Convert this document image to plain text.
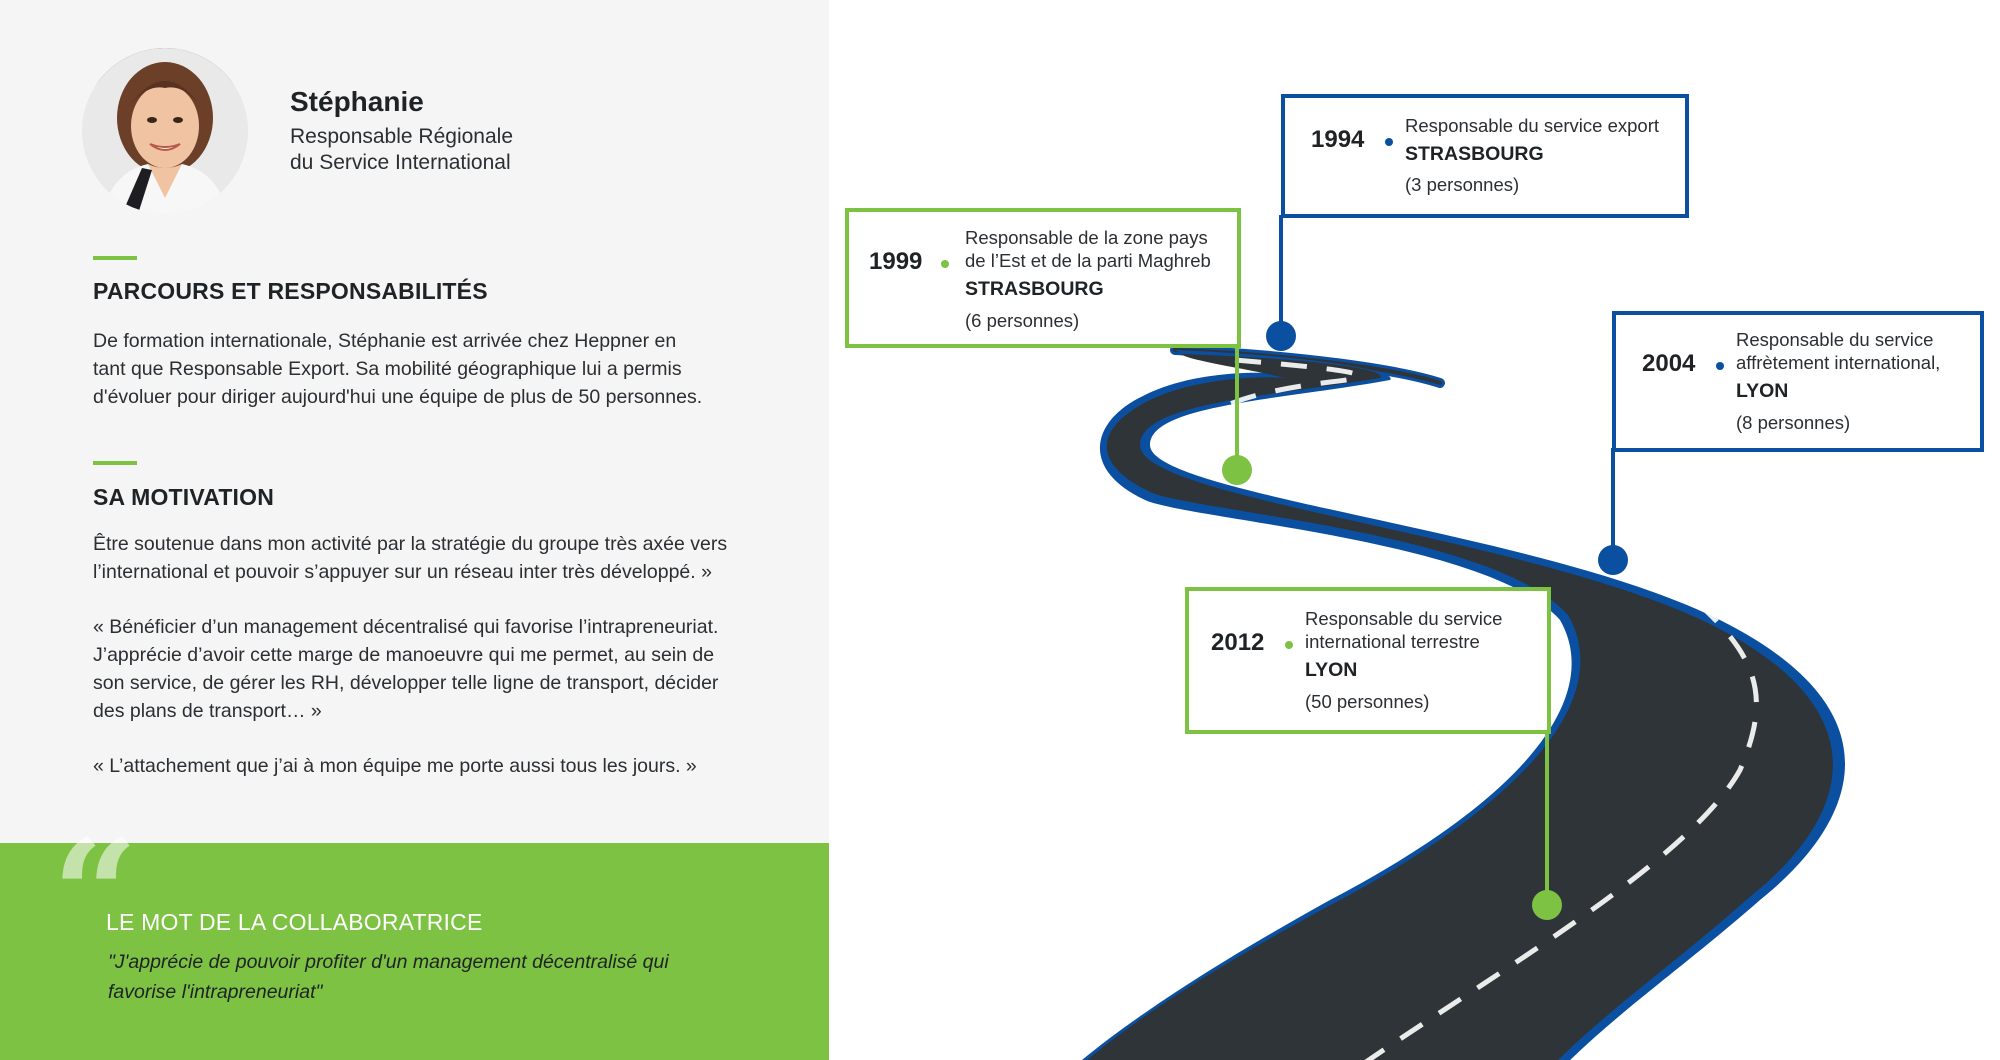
Stéphanie
Responsable Régionale
du Service International
PARCOURS ET RESPONSABILITÉS
De formation internationale, Stéphanie est arrivée chez Heppner en
tant que Responsable Export. Sa mobilité géographique lui a permis
d'évoluer pour diriger aujourd'hui une équipe de plus de 50 personnes.
SA MOTIVATION
Être soutenue dans mon activité par la stratégie du groupe très axée vers
l’international et pouvoir s’appuyer sur un réseau inter très développé. »
« Bénéficier d’un management décentralisé qui favorise l’intrapreneuriat.
J’apprécie d’avoir cette marge de manoeuvre qui me permet, au sein de
son service, de gérer les RH, développer telle ligne de transport, décider
des plans de transport… »
« L’attachement que j’ai à mon équipe me porte aussi tous les jours. »
“
LE MOT DE LA COLLABORATRICE
"J'apprécie de pouvoir profiter d'un management décentralisé qui
favorise l'intrapreneuriat"
1994
Responsable du service export
STRASBOURG
(3 personnes)
1999
Responsable de la zone pays
de l’Est et de la parti Maghreb
STRASBOURG
(6 personnes)
2004
Responsable du service
affrètement international,
LYON
(8 personnes)
2012
Responsable du service
international terrestre
LYON
(50 personnes)
